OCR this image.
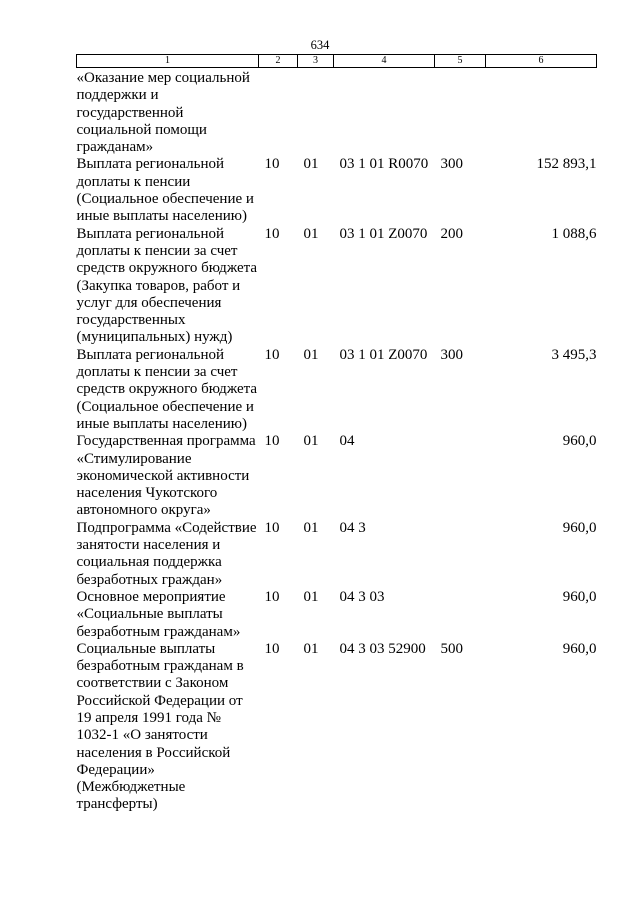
634
1	2	3	4	5	6
«Оказание мер социальной поддержки и государственной социальной помощи гражданам»					
Выплата региональной доплаты к пенсии (Социальное обеспечение и иные выплаты населению)	10	01	03 1 01 R0070	300	152 893,1
Выплата региональной доплаты к пенсии за счет средств окружного бюджета (Закупка товаров, работ и услуг для обеспечения государственных (муниципальных) нужд)	10	01	03 1 01 Z0070	200	1 088,6
Выплата региональной доплаты к пенсии за счет средств окружного бюджета (Социальное обеспечение и иные выплаты населению)	10	01	03 1 01 Z0070	300	3 495,3
Государственная программа «Стимулирование экономической активности населения Чукотского автономного округа»	10	01	04		960,0
Подпрограмма «Содействие занятости населения и социальная поддержка безработных граждан»	10	01	04 3		960,0
Основное мероприятие «Социальные выплаты безработным гражданам»	10	01	04 3 03		960,0
Социальные выплаты безработным гражданам в соответствии с Законом Российской Федерации от 19 апреля 1991 года № 1032-1 «О занятости населения в Российской Федерации» (Межбюджетные трансферты)	10	01	04 3 03 52900	500	960,0
